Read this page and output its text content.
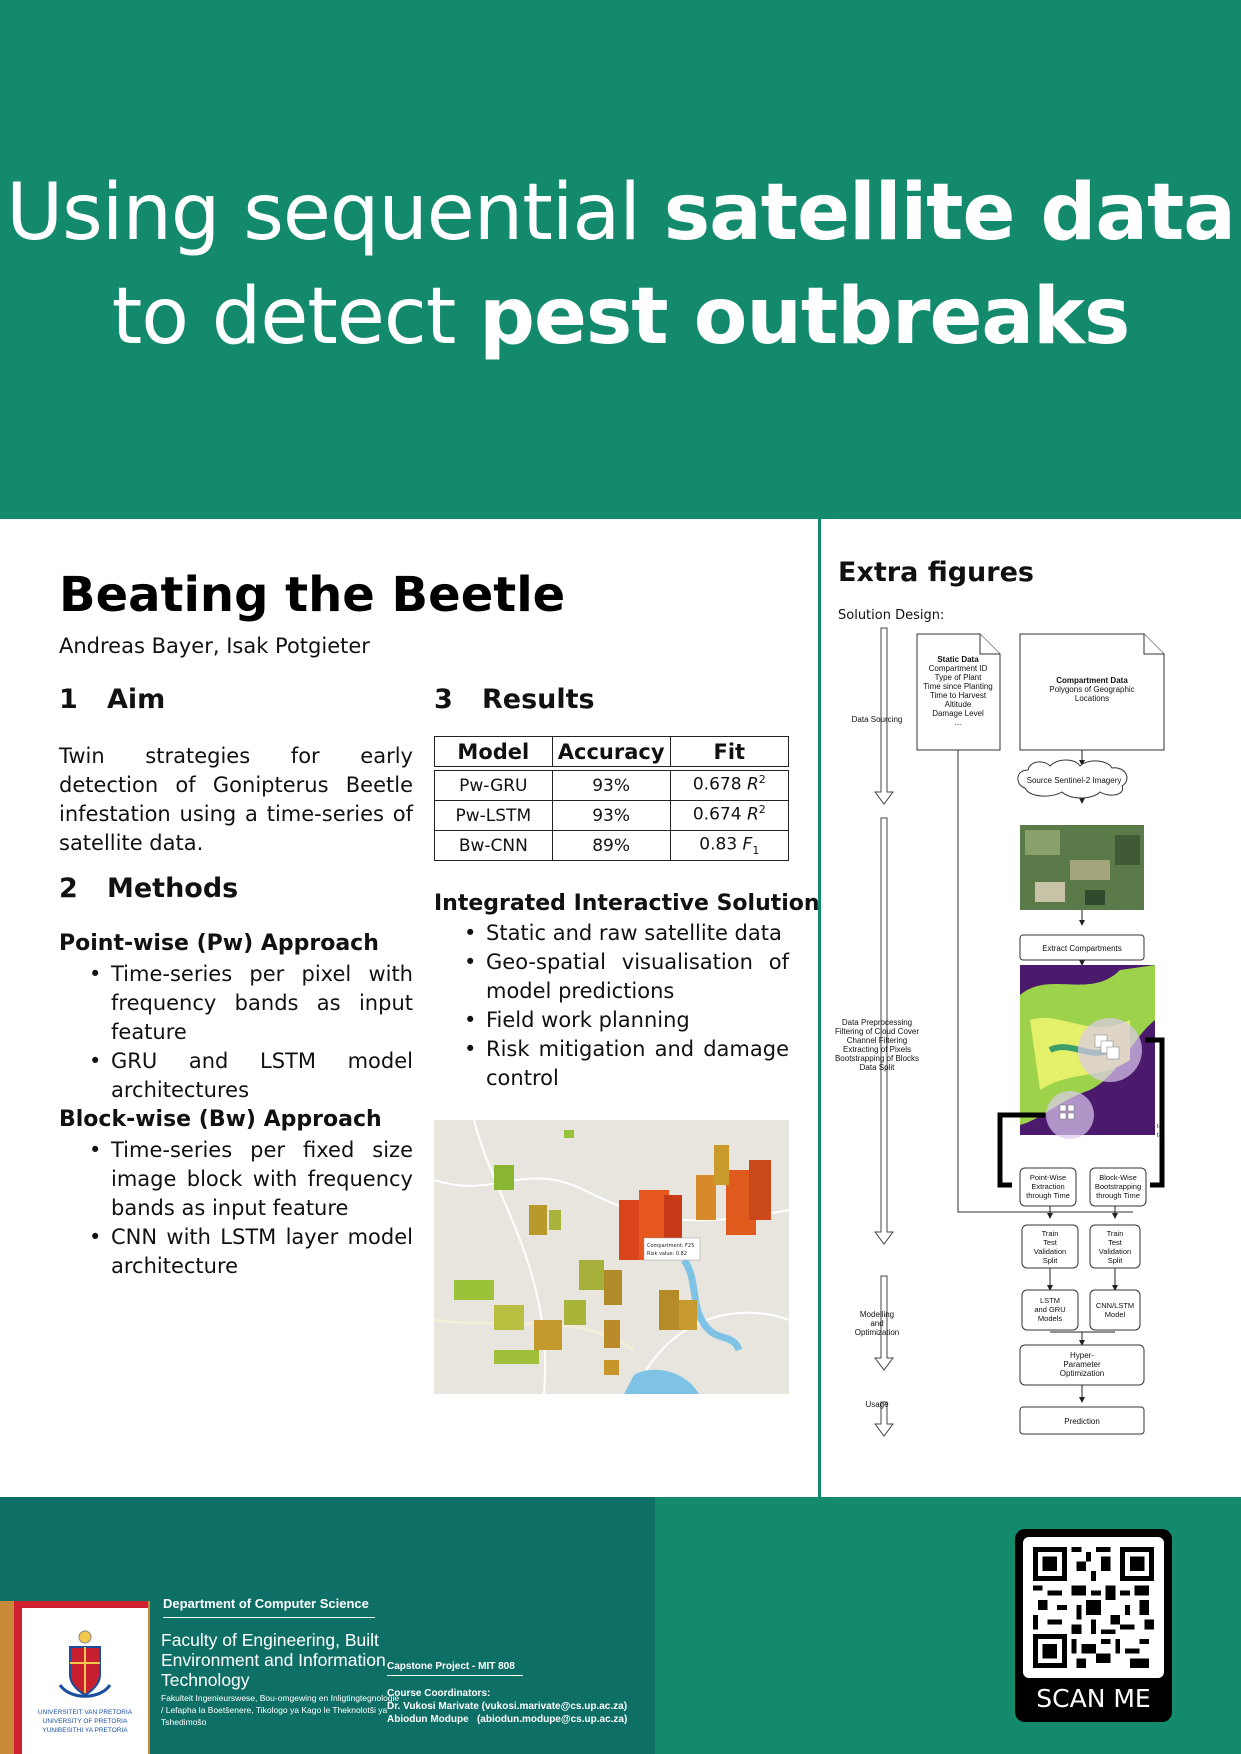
Using sequential satellite data
to detect pest outbreaks
Beating the Beetle
Andreas Bayer, Isak Potgieter
1 Aim
Twin strategies for early detection of Gonipterus Beetle infestation using a time-series of satellite data.
2 Methods
Point-wise (Pw) Approach
• Time-series per pixel with frequency bands as input feature
• GRU and LSTM model architectures
Block-wise (Bw) Approach
• Time-series per fixed size image block with frequency bands as input feature
• CNN with LSTM layer model architecture
3 Results
Model	Accuracy	Fit

Pw-GRU	93%	0.678 $R^2$
Pw-LSTM	93%	0.674 $R^2$
Bw-CNN	89%	0.83 $F_1$
Integrated Interactive Solution
• Static and raw satellite data
• Geo-spatial visualisation of model predictions
• Field work planning
• Risk mitigation and damage control
Compartment: F25
Risk value: 0.82
Extra figures
Solution Design:
Data Sourcing
Data Preprocessing
Filtering of Cloud Cover
Channel Filtering
Extracting of Pixels
Bootstrapping of Blocks
Data Split
Modelling
and
Optimization
Usage
Static Data
Compartment ID
Type of Plant
Time since Planting
Time to Harvest
Altitude
Damage Level
...
Compartment Data
Polygons of Geographic
Locations
Source Sentinel-2 Imagery
Extract Compartments
t-1
t-2
Point-Wise
Extraction
through Time
Block-Wise
Bootstrapping
through Time
Train
Test
Validation
Split
Train
Test
Validation
Split
LSTM
and GRU
Models
CNN/LSTM
Model
Hyper-
Parameter
Optimization
Prediction
UNIVERSITEIT VAN PRETORIA
UNIVERSITY OF PRETORIA
YUNIBESITHI YA PRETORIA
Department of Computer Science
Faculty of Engineering, Built Environment and Information Technology
Fakulteit Ingenieurswese, Bou-omgewing en Inligtingtegnologie / Lefapha la Boetšenere, Tikologo ya Kago le Theknolotši ya Tshedimošo
Capstone Project - MIT 808
Course Coordinators:
Dr. Vukosi Marivate (vukosi.marivate@cs.up.ac.za)
Abiodun Modupe   (abiodun.modupe@cs.up.ac.za)
SCAN ME
